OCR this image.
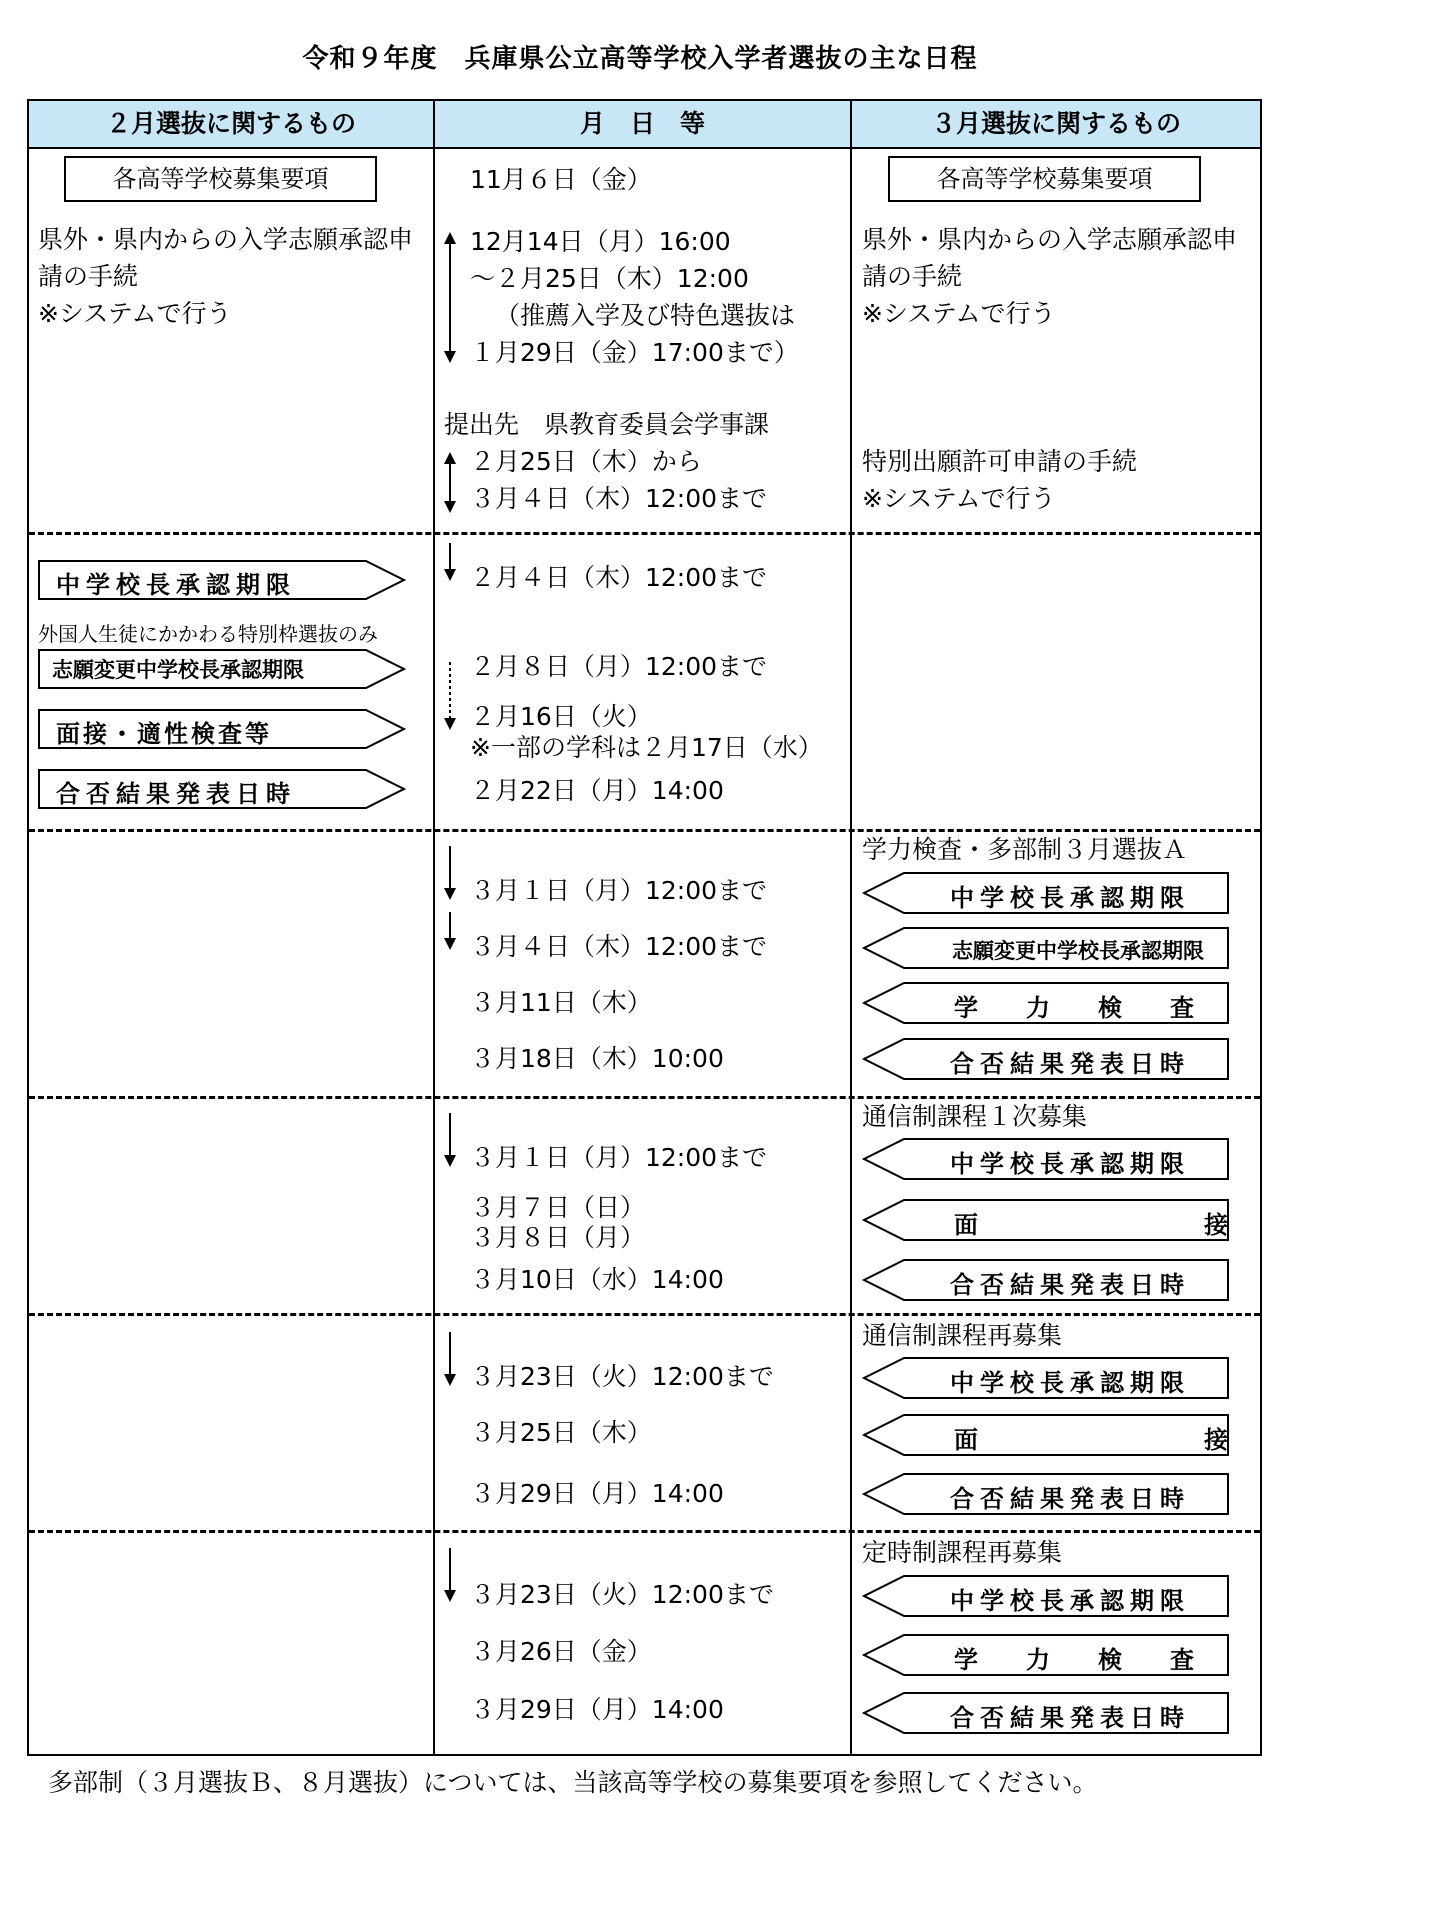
令和９年度　兵庫県公立高等学校入学者選抜の主な日程
２月選抜に関するもの	月　日　等	３月選抜に関するもの
各高等学校募集要項
県外・県内からの入学志願承認申
請の手続
※システムで行う
11月６日（金）
12月14日（月）16:00
～２月25日（木）12:00
（推薦入学及び特色選抜は
１月29日（金）17:00まで）
提出先　県教育委員会学事課
２月25日（木）から
３月４日（木）12:00まで
各高等学校募集要項
県外・県内からの入学志願承認申
請の手続
※システムで行う
特別出願許可申請の手続
※システムで行う
中学校長承認期限
外国人生徒にかかわる特別枠選抜のみ
志願変更中学校長承認期限
面接・適性検査等
合否結果発表日時
２月４日（木）12:00まで
２月８日（月）12:00まで
２月16日（火）
※一部の学科は２月17日（水）
２月22日（月）14:00
学力検査・多部制３月選抜Ａ
中学校長承認期限
志願変更中学校長承認期限
学力検査
合否結果発表日時
３月１日（月）12:00まで
３月４日（木）12:00まで
３月11日（木）
３月18日（木）10:00
通信制課程１次募集
中学校長承認期限
面接
合否結果発表日時
３月１日（月）12:00まで
３月７日（日）
３月８日（月）
３月10日（水）14:00
通信制課程再募集
中学校長承認期限
面接
合否結果発表日時
３月23日（火）12:00まで
３月25日（木）
３月29日（月）14:00
定時制課程再募集
中学校長承認期限
学力検査
合否結果発表日時
３月23日（火）12:00まで
３月26日（金）
３月29日（月）14:00
多部制（３月選抜Ｂ、８月選抜）については、当該高等学校の募集要項を参照してください。
